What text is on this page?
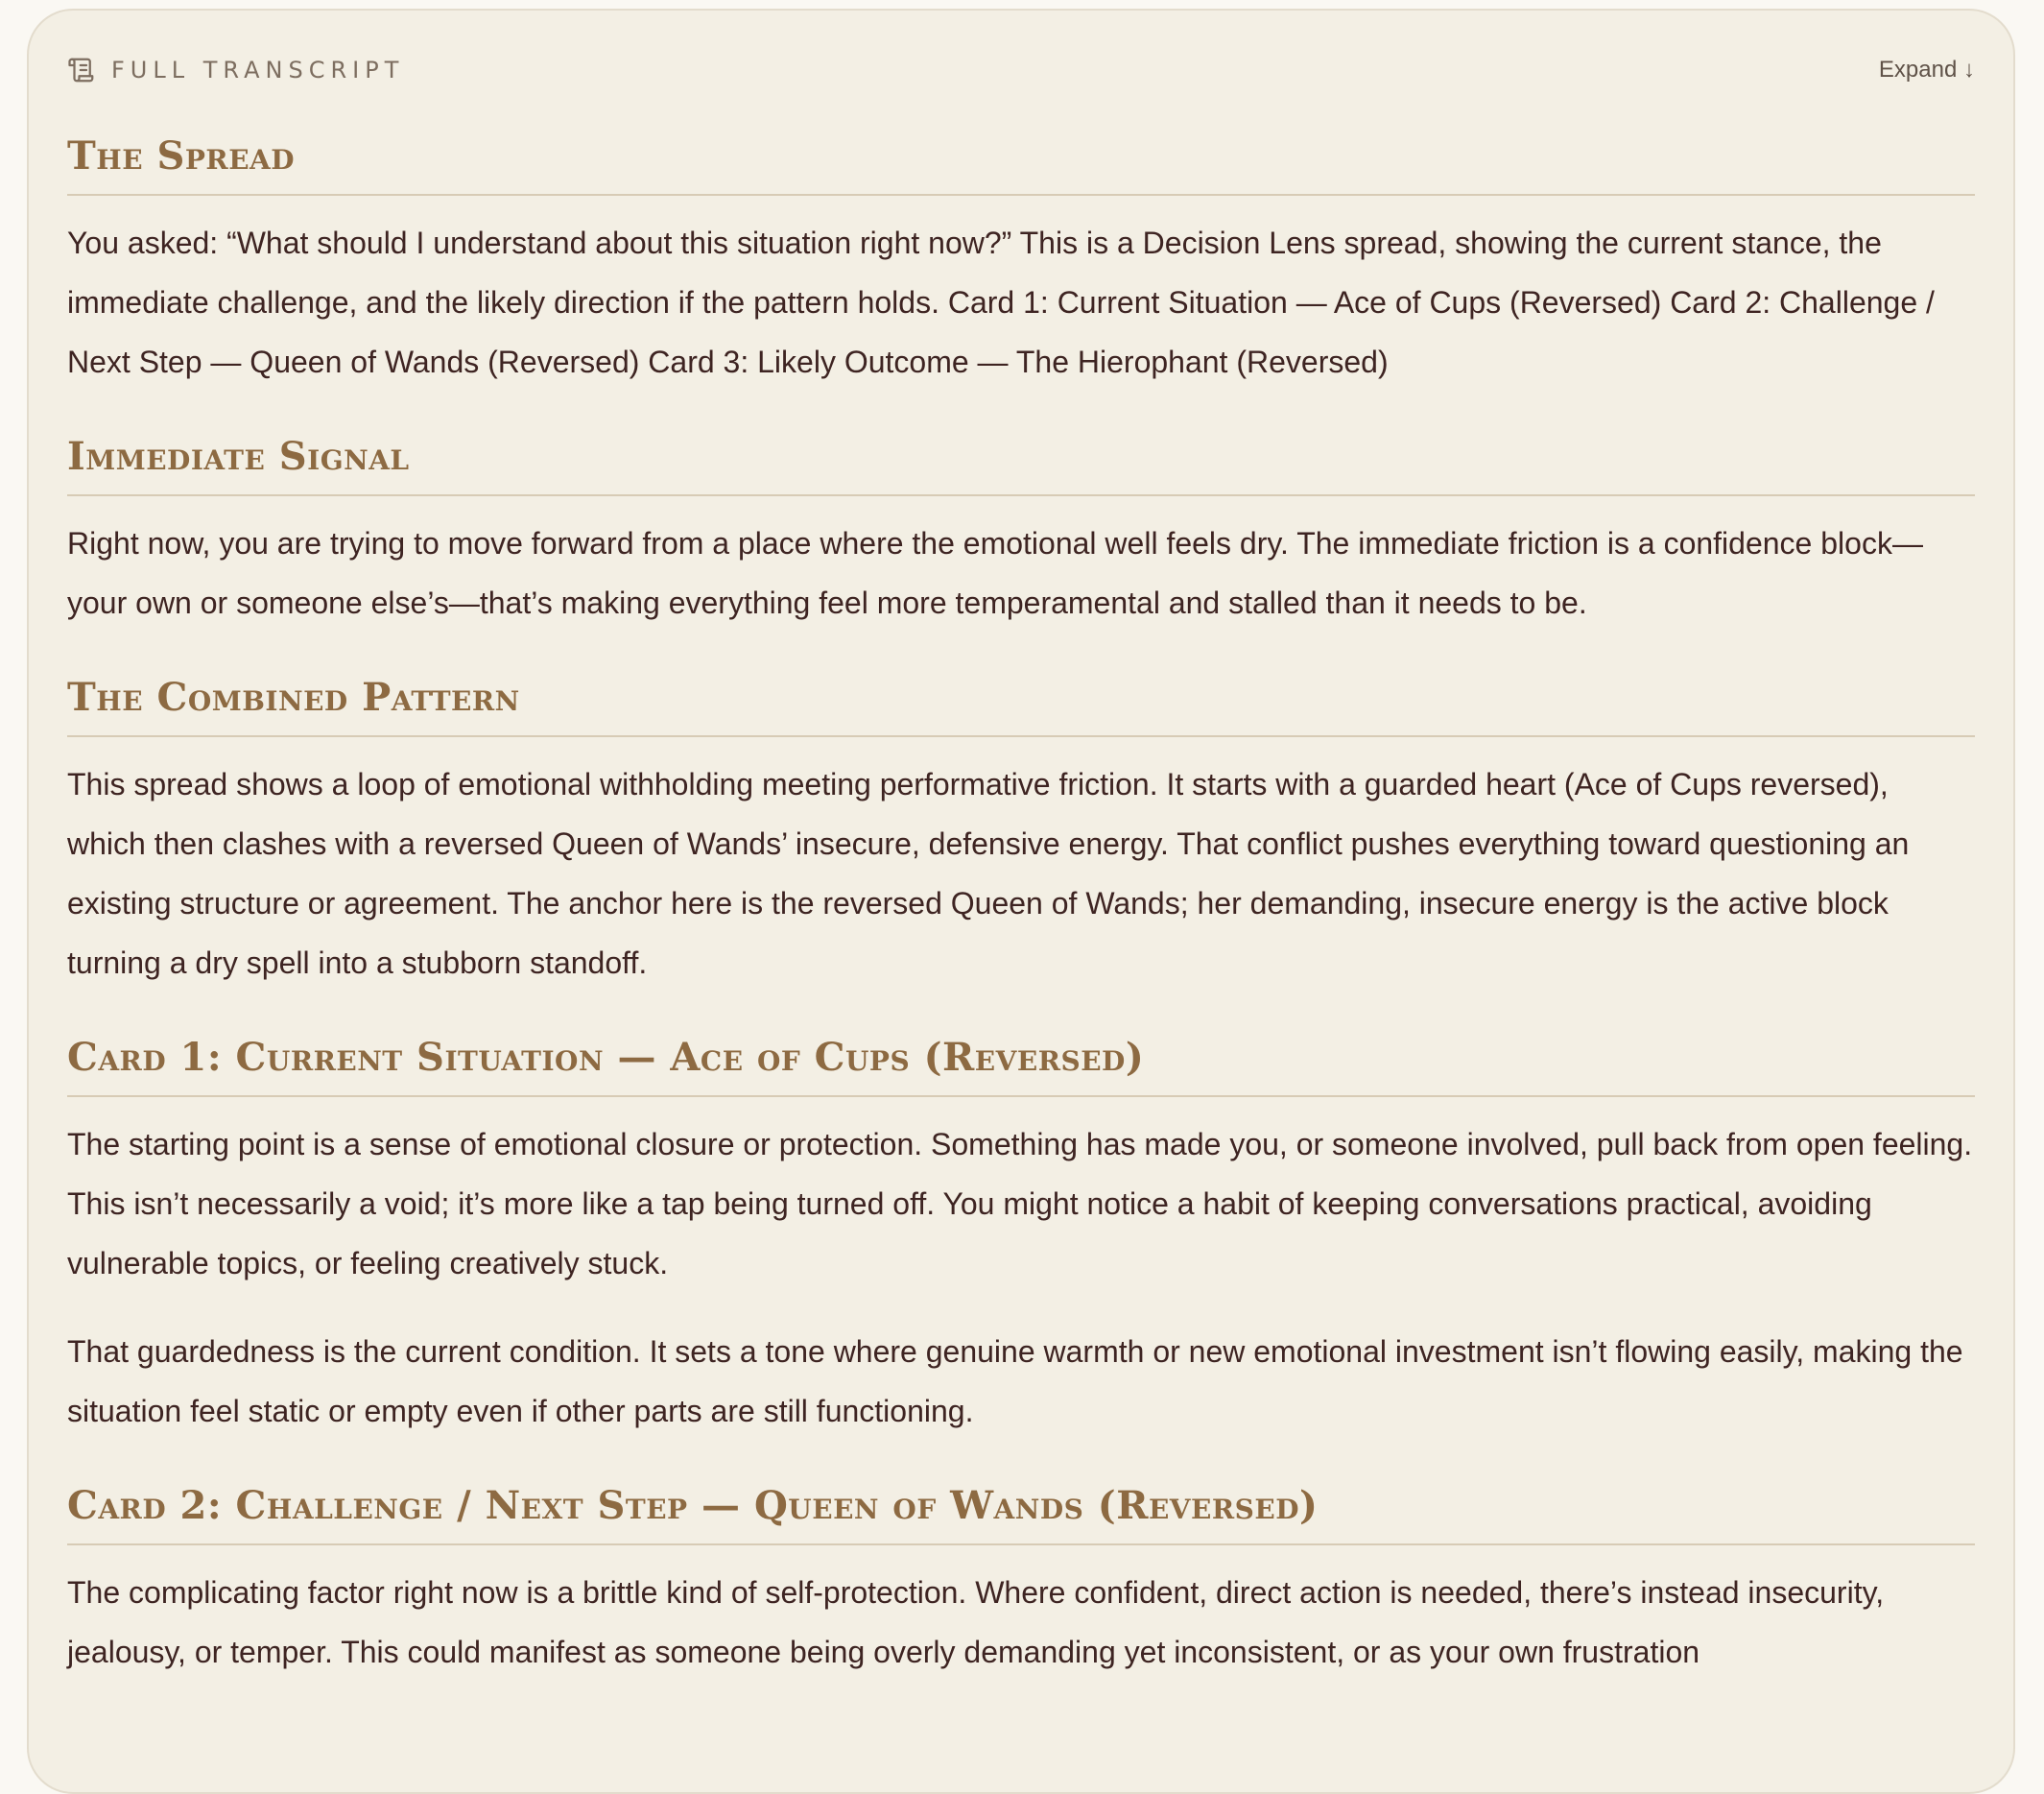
FULL TRANSCRIPT	Expand ↓
The Spread

You asked: “What should I understand about this situation right now?” This is a Decision Lens spread, showing the current stance, the immediate challenge, and the likely direction if the pattern holds. Card 1: Current Situation — Ace of Cups (Reversed) Card 2: Challenge / Next Step — Queen of Wands (Reversed) Card 3: Likely Outcome — The Hierophant (Reversed)

Immediate Signal

Right now, you are trying to move forward from a place where the emotional well feels dry. The immediate friction is a confidence block—your own or someone else’s—that’s making everything feel more temperamental and stalled than it needs to be.

The Combined Pattern

This spread shows a loop of emotional withholding meeting performative friction. It starts with a guarded heart (Ace of Cups reversed), which then clashes with a reversed Queen of Wands’ insecure, defensive energy. That conflict pushes everything toward questioning an existing structure or agreement. The anchor here is the reversed Queen of Wands; her demanding, insecure energy is the active block turning a dry spell into a stubborn standoff.

Card 1: Current Situation — Ace of Cups (Reversed)

The starting point is a sense of emotional closure or protection. Something has made you, or someone involved, pull back from open feeling. This isn’t necessarily a void; it’s more like a tap being turned off. You might notice a habit of keeping conversations practical, avoiding vulnerable topics, or feeling creatively stuck.

That guardedness is the current condition. It sets a tone where genuine warmth or new emotional investment isn’t flowing easily, making the situation feel static or empty even if other parts are still functioning.

Card 2: Challenge / Next Step — Queen of Wands (Reversed)

The complicating factor right now is a brittle kind of self-protection. Where confident, direct action is needed, there’s instead insecurity, jealousy, or temper. This could manifest as someone being overly demanding yet inconsistent, or as your own frustration
